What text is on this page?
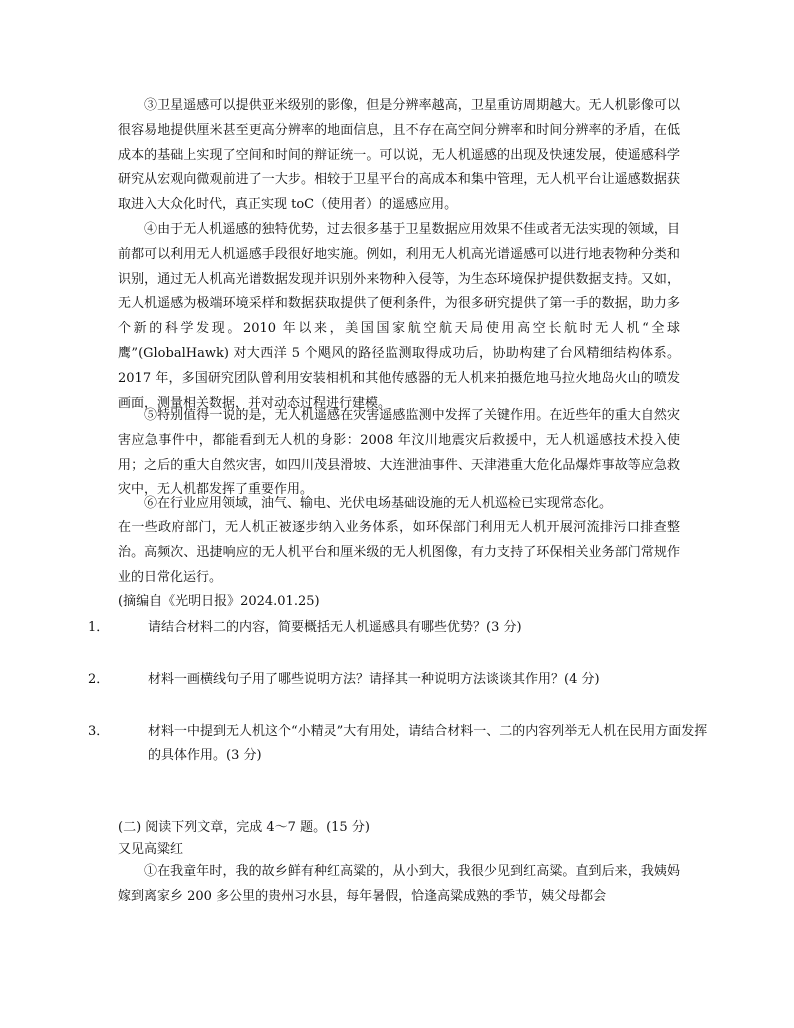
③卫星遥感可以提供亚米级别的影像，但是分辨率越高，卫星重访周期越大。无人机影像可以很容易地提供厘米甚至更高分辨率的地面信息，且不存在高空间分辨率和时间分辨率的矛盾，在低成本的基础上实现了空间和时间的辩证统一。可以说，无人机遥感的出现及快速发展，使遥感科学研究从宏观向微观前进了一大步。相较于卫星平台的高成本和集中管理，无人机平台让遥感数据获取进入大众化时代，真正实现 toC（使用者）的遥感应用。

④由于无人机遥感的独特优势，过去很多基于卫星数据应用效果不佳或者无法实现的领域，目前都可以利用无人机遥感手段很好地实施。例如，利用无人机高光谱遥感可以进行地表物种分类和识别，通过无人机高光谱数据发现并识别外来物种入侵等，为生态环境保护提供数据支持。又如，无人机遥感为极端环境采样和数据获取提供了便利条件，为很多研究提供了第一手的数据，助力多个新的科学发现。2010 年以来，美国国家航空航天局使用高空长航时无人机“全球鹰”(GlobalHawk) 对大西洋 5 个飓风的路径监测取得成功后，协助构建了台风精细结构体系。2017 年，多国研究团队曾利用安装相机和其他传感器的无人机来拍摄危地马拉火地岛火山的喷发画面，测量相关数据，并对动态过程进行建模。

⑤特别值得一说的是，无人机遥感在灾害遥感监测中发挥了关键作用。在近些年的重大自然灾害应急事件中，都能看到无人机的身影：2008 年汶川地震灾后救援中，无人机遥感技术投入使用；之后的重大自然灾害，如四川茂县滑坡、大连泄油事件、天津港重大危化品爆炸事故等应急救灾中，无人机都发挥了重要作用。

⑥在行业应用领域，油气、输电、光伏电场基础设施的无人机巡检已实现常态化。

在一些政府部门，无人机正被逐步纳入业务体系，如环保部门利用无人机开展河流排污口排查整治。高频次、迅捷响应的无人机平台和厘米级的无人机图像，有力支持了环保相关业务部门常规作业的日常化运行。

(摘编自《光明日报》2024.01.25)

1．	请结合材料二的内容，简要概括无人机遥感具有哪些优势？(3 分)
2．	材料一画横线句子用了哪些说明方法？请择其一种说明方法谈谈其作用？(4 分)
3．	材料一中提到无人机这个“小精灵”大有用处，请结合材料一、二的内容列举无人机在民用方面发挥的具体作用。(3 分)

(二) 阅读下列文章，完成 4～7 题。(15 分)

又见高粱红

①在我童年时，我的故乡鲜有种红高粱的，从小到大，我很少见到红高粱。直到后来，我姨妈嫁到离家乡 200 多公里的贵州习水县，每年暑假，恰逢高粱成熟的季节，姨父母都会
